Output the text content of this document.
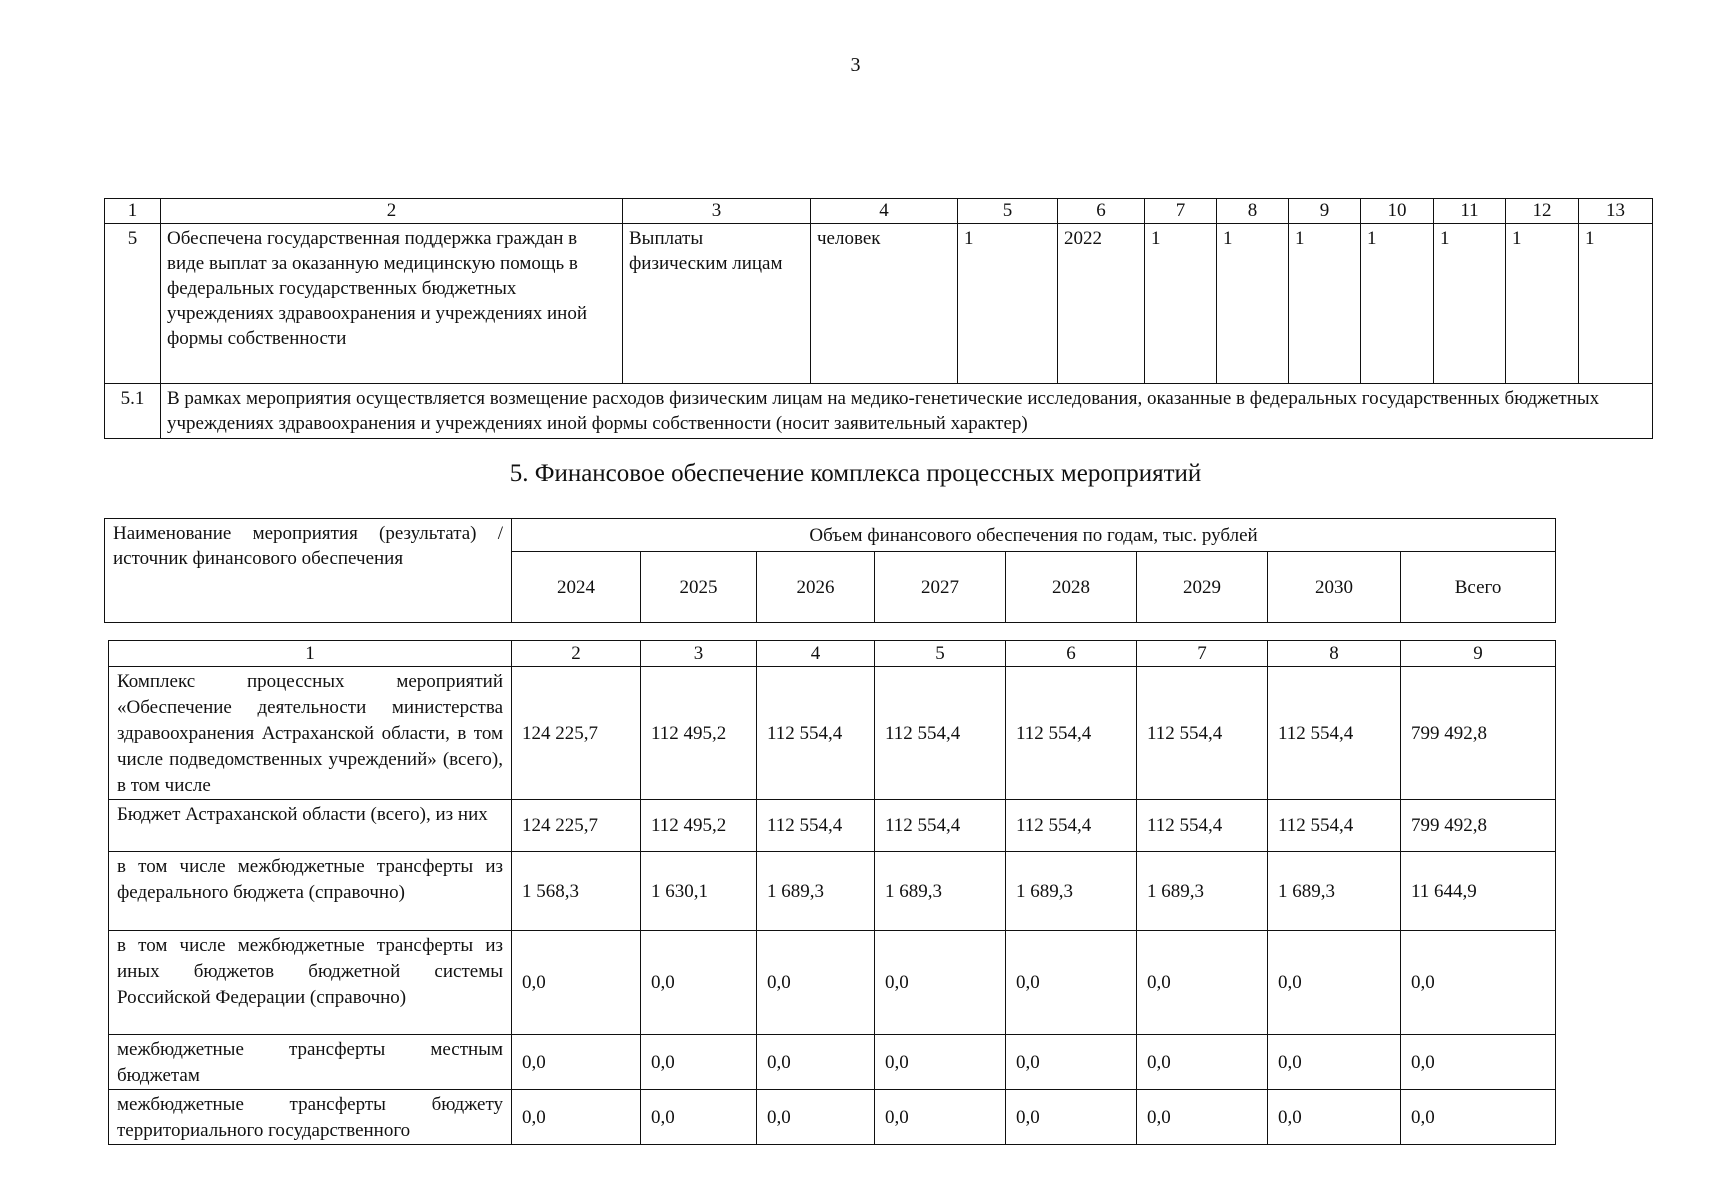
3
1	2	3	4	5	6	7	8	9	10	11	12	13
5	Обеспечена государственная поддержка граждан в виде выплат за оказанную медицинскую помощь в федеральных государственных бюджетных учреждениях здравоохранения и учреждениях иной формы собственности	Выплаты физическим лицам	человек	1	2022	1	1	1	1	1	1	1
5.1	В рамках мероприятия осуществляется возмещение расходов физическим лицам на медико-генетические исследования, оказанные в федеральных государственных бюджетных учреждениях здравоохранения и учреждениях иной формы собственности (носит заявительный характер)											
5. Финансовое обеспечение комплекса процессных мероприятий
Наименование мероприятия (результата) / источник финансового обеспечения	Объем финансового обеспечения по годам, тыс. рублей							
	2024	2025	2026	2027	2028	2029	2030	Всего
1	2	3	4	5	6	7	8	9
Комплекс процессных мероприятий «Обеспечение деятельности министерства здравоохранения Астраханской области, в том числе подведомственных учреждений» (всего), в том числе	124 225,7	112 495,2	112 554,4	112 554,4	112 554,4	112 554,4	112 554,4	799 492,8
Бюджет Астраханской области (всего), из них	124 225,7	112 495,2	112 554,4	112 554,4	112 554,4	112 554,4	112 554,4	799 492,8
в том числе межбюджетные трансферты из федерального бюджета (справочно)	1 568,3	1 630,1	1 689,3	1 689,3	1 689,3	1 689,3	1 689,3	11 644,9
в том числе межбюджетные трансферты из иных бюджетов бюджетной системы Российской Федерации (справочно)	0,0	0,0	0,0	0,0	0,0	0,0	0,0	0,0
межбюджетные трансферты местным бюджетам	0,0	0,0	0,0	0,0	0,0	0,0	0,0	0,0
межбюджетные трансферты бюджету территориального государственного	0,0	0,0	0,0	0,0	0,0	0,0	0,0	0,0
